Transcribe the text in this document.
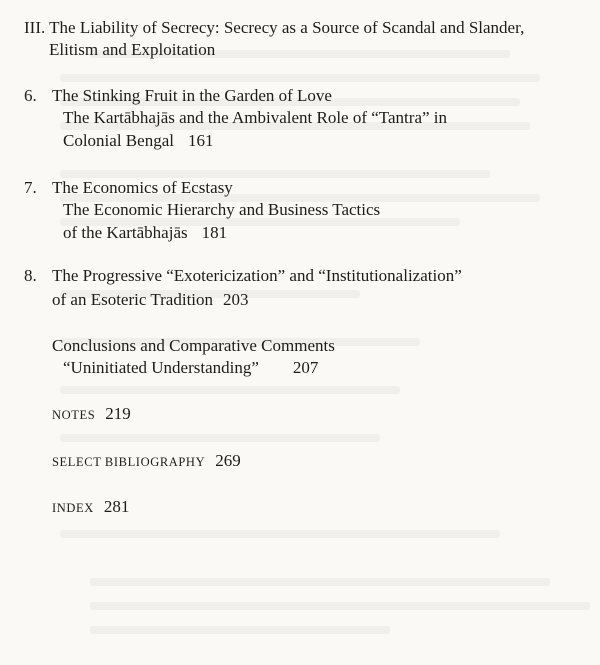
III. The Liability of Secrecy: Secrecy as a Source of Scandal and Slander,
Elitism and Exploitation
6. The Stinking Fruit in the Garden of Love
The Kartābhajās and the Ambivalent Role of “Tantra” in
Colonial Bengal 161
7. The Economics of Ecstasy
The Economic Hierarchy and Business Tactics
of the Kartābhajās 181
8. The Progressive “Exotericization” and “Institutionalization”
of an Esoteric Tradition 203
Conclusions and Comparative Comments
“Uninitiated Understanding” 207
NOTES 219
SELECT BIBLIOGRAPHY 269
INDEX 281
